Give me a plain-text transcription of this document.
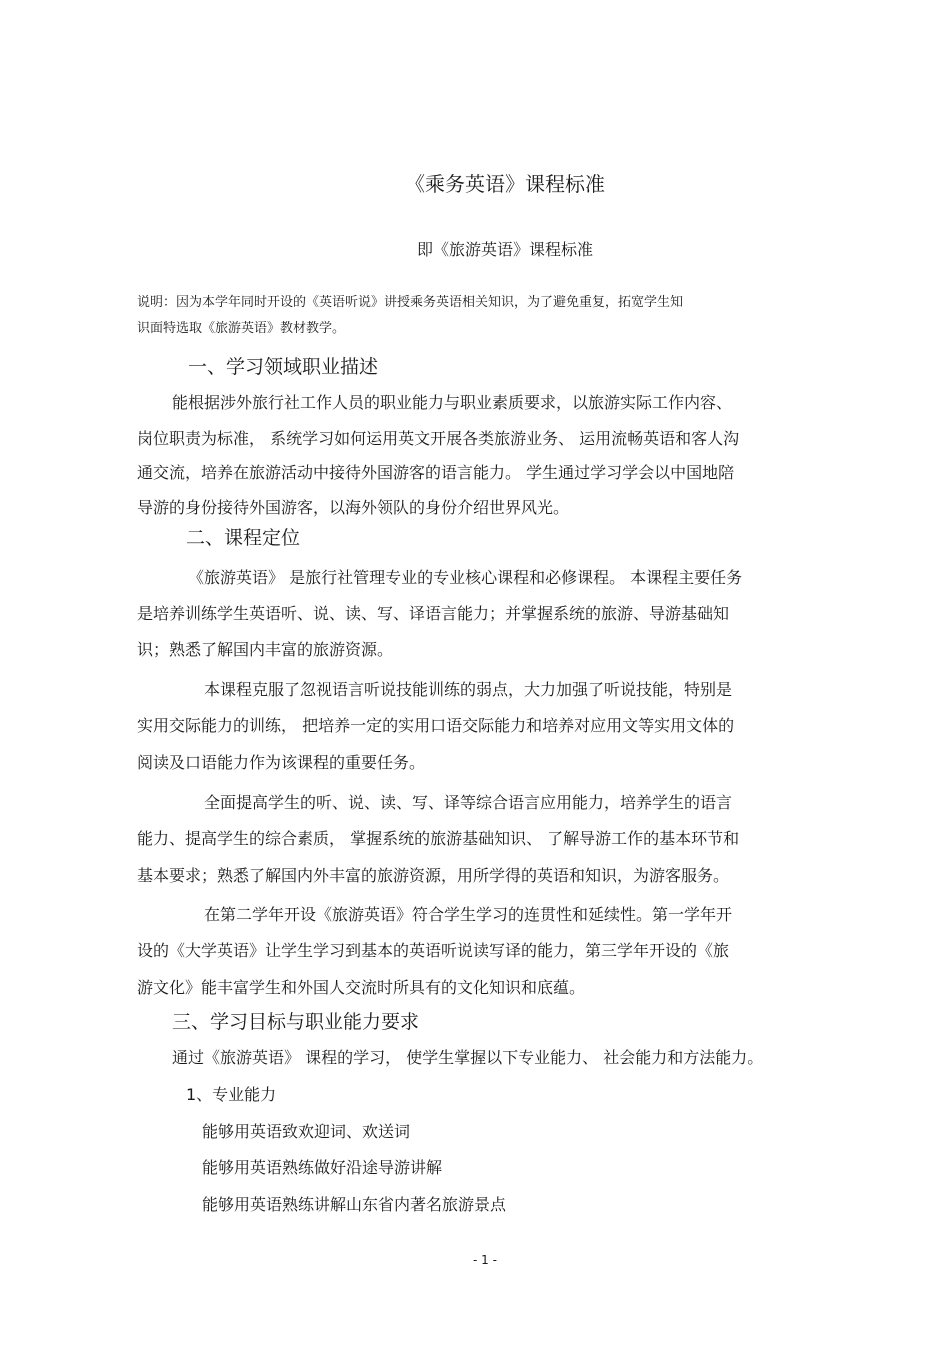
《乘务英语》课程标准
即《旅游英语》课程标准
说明：因为本学年同时开设的《英语听说》讲授乘务英语相关知识，为了避免重复，拓宽学生知
识面特选取《旅游英语》教材教学。
一、学习领域职业描述
能根据涉外旅行社工作人员的职业能力与职业素质要求，以旅游实际工作内容、
岗位职责为标准， 系统学习如何运用英文开展各类旅游业务、 运用流畅英语和客人沟
通交流，培养在旅游活动中接待外国游客的语言能力。 学生通过学习学会以中国地陪
导游的身份接待外国游客，以海外领队的身份介绍世界风光。
二、课程定位
《旅游英语》 是旅行社管理专业的专业核心课程和必修课程。 本课程主要任务
是培养训练学生英语听、说、读、写、译语言能力；并掌握系统的旅游、导游基础知
识；熟悉了解国内丰富的旅游资源。
本课程克服了忽视语言听说技能训练的弱点，大力加强了听说技能，特别是
实用交际能力的训练， 把培养一定的实用口语交际能力和培养对应用文等实用文体的
阅读及口语能力作为该课程的重要任务。
全面提高学生的听、说、读、写、译等综合语言应用能力，培养学生的语言
能力、提高学生的综合素质， 掌握系统的旅游基础知识、 了解导游工作的基本环节和
基本要求；熟悉了解国内外丰富的旅游资源，用所学得的英语和知识，为游客服务。
在第二学年开设《旅游英语》符合学生学习的连贯性和延续性。第一学年开
设的《大学英语》让学生学习到基本的英语听说读写译的能力，第三学年开设的《旅
游文化》能丰富学生和外国人交流时所具有的文化知识和底蕴。
三、学习目标与职业能力要求
通过《旅游英语》 课程的学习， 使学生掌握以下专业能力、 社会能力和方法能力。
1、专业能力
能够用英语致欢迎词、欢送词
能够用英语熟练做好沿途导游讲解
能够用英语熟练讲解山东省内著名旅游景点
- 1 -
